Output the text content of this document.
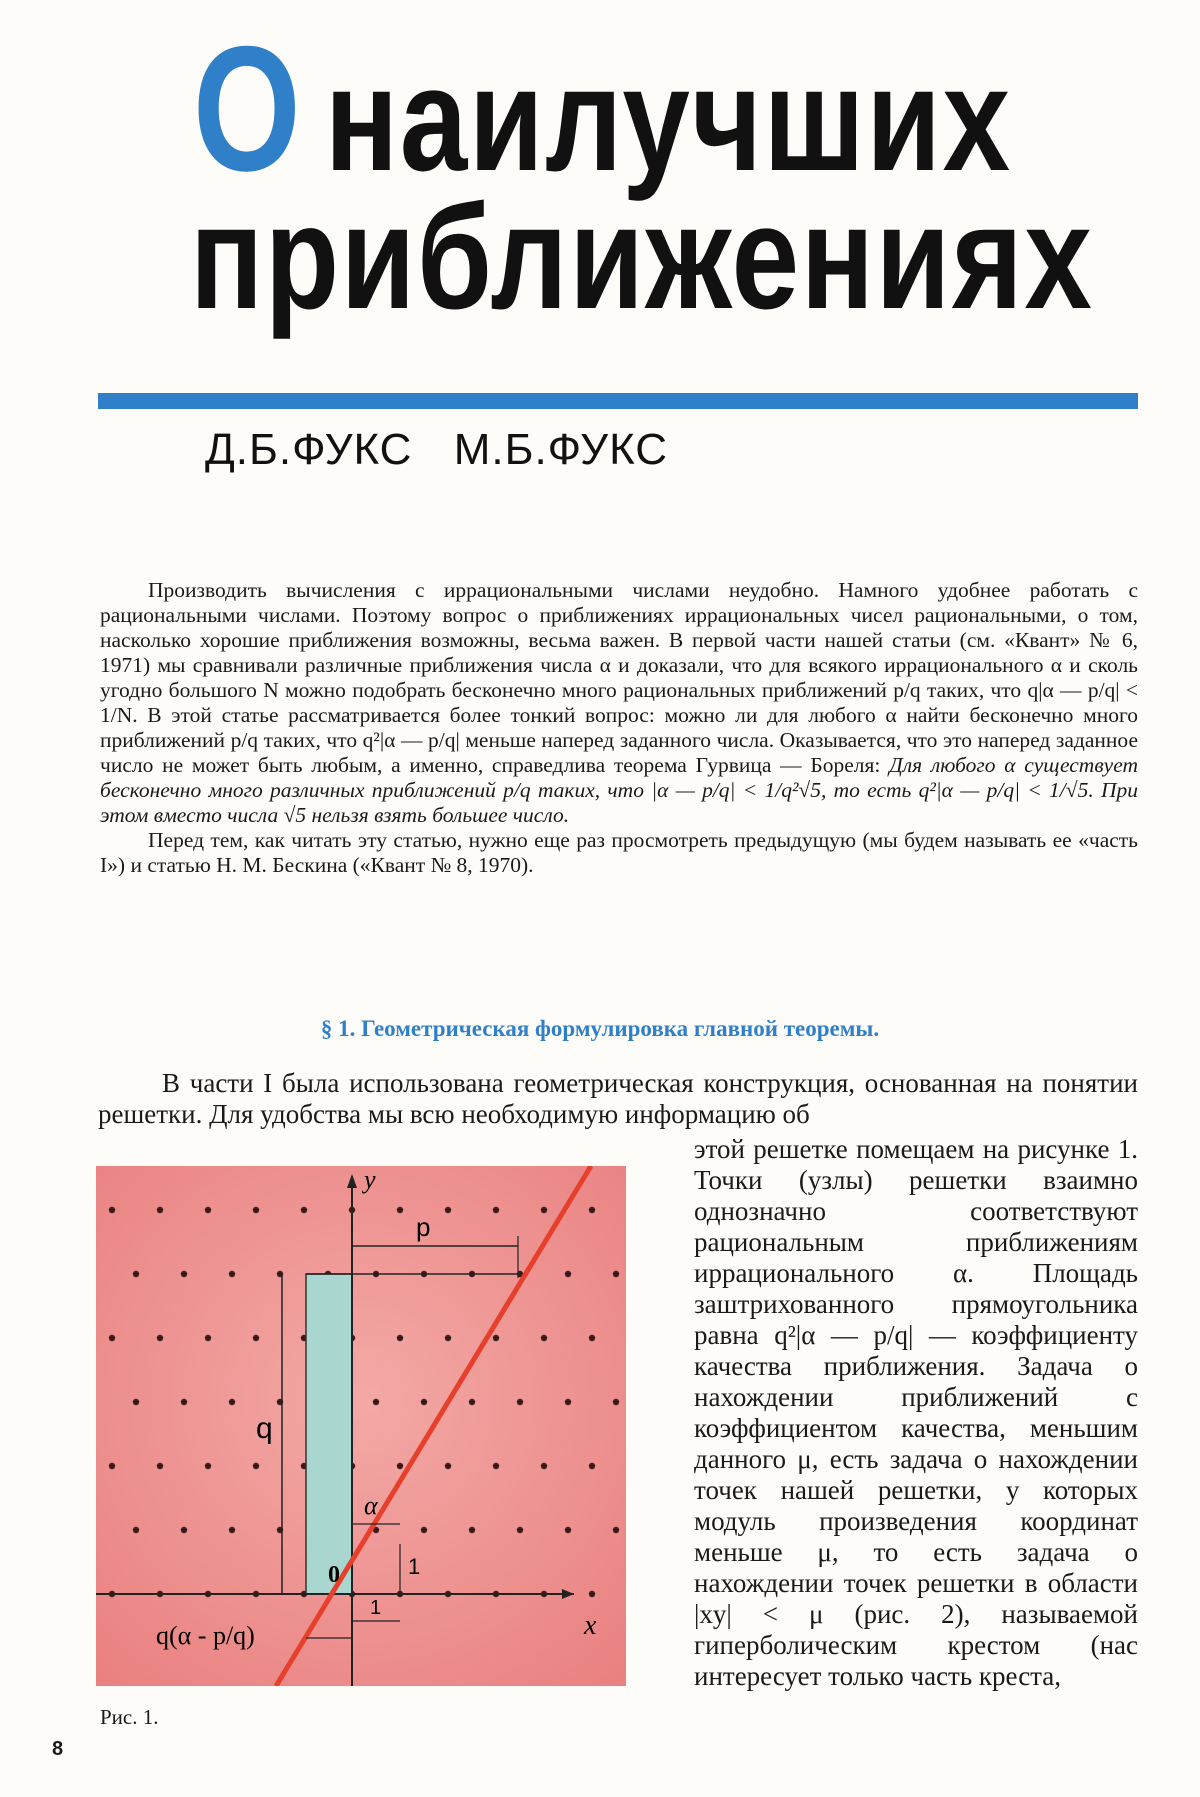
О наилучших
приближениях
Д.Б.ФУКС М.Б.ФУКС

Производить вычисления с иррациональными числами неудобно. Намного удобнее работать с рациональными числами. Поэтому вопрос о приближениях иррациональных чисел рациональными, о том, насколько хорошие приближения возможны, весьма важен. В первой части нашей статьи (см. «Квант» № 6, 1971) мы сравнивали различные приближения числа α и доказали, что для всякого иррационального α и сколь угодно большого N можно подобрать бесконечно много рациональных приближений p/q таких, что q|α — p/q| < 1/N. В этой статье рассматривается более тонкий вопрос: можно ли для любого α найти бесконечно много приближений p/q таких, что q²|α — p/q| меньше наперед заданного числа. Оказывается, что это наперед заданное число не может быть любым, а именно, справедлива теорема Гурвица — Бореля: Для любого α существует бесконечно много различных приближений p/q таких, что |α — p/q| < 1/q²√5, то есть q²|α — p/q| < 1/√5. При этом вместо числа √5 нельзя взять большее число.

Перед тем, как читать эту статью, нужно еще раз просмотреть предыдущую (мы будем называть ее «часть I») и статью Н. М. Бескина («Квант № 8, 1970).

§ 1. Геометрическая формулировка главной теоремы.

В части I была использована геометрическая конструкция, основанная на понятии решетки. Для удобства мы всю необходимую информацию об

этой решетке помещаем на рисунке 1. Точки (узлы) решетки взаимно однозначно соответствуют рациональным приближениям иррационального α. Площадь заштрихованного прямоугольника равна q²|α — p/q| — коэффициенту качества приближения. Задача о нахождении приближений с коэффициентом качества, меньшим данного μ, есть задача о нахождении точек нашей решетки, у которых модуль произведения координат меньше μ, то есть задача о нахождении точек решетки в области |xy| < μ (рис. 2), называемой гиперболическим крестом (нас интересует только часть креста,
p
q
y
x
0
α
1
1
q(α - p/q)
Рис. 1.
8
